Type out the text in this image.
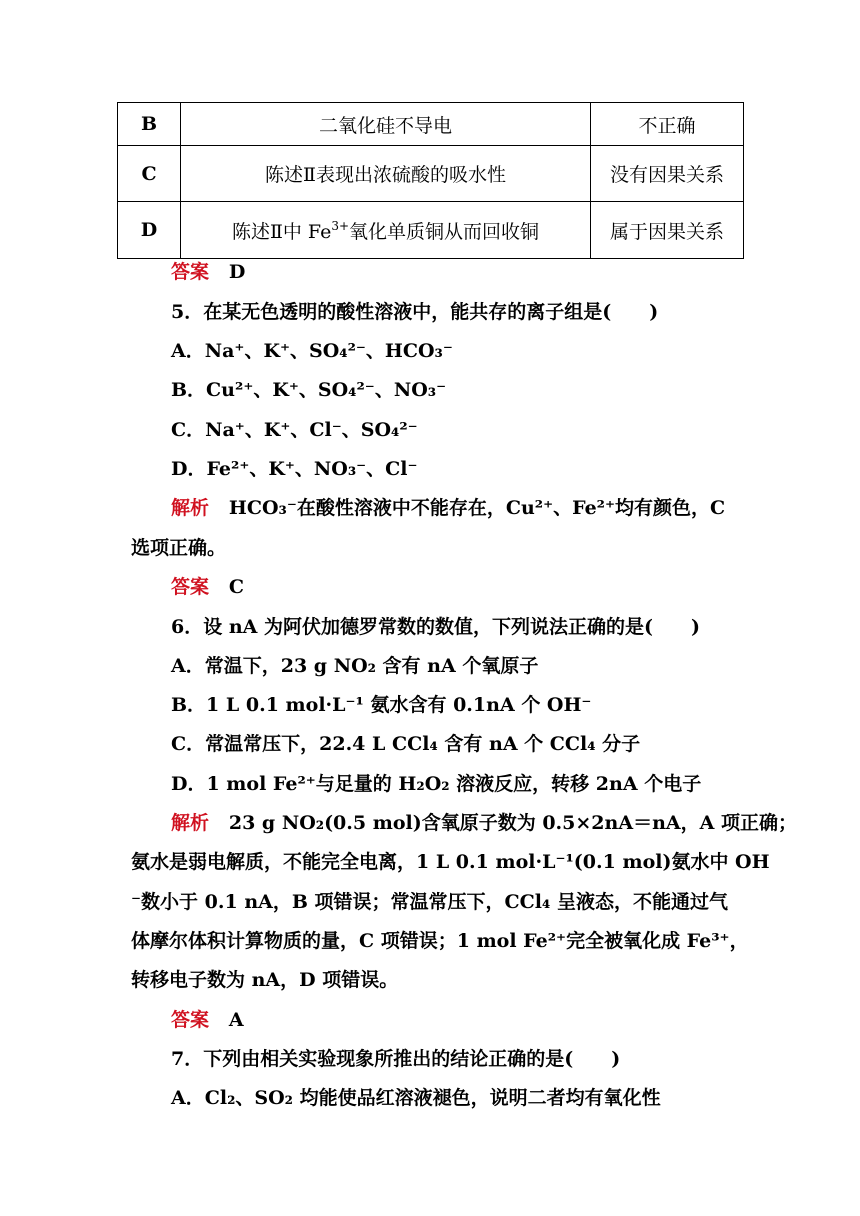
B	二氧化硅不导电	不正确
C	陈述Ⅱ表现出浓硫酸的吸水性	没有因果关系
D	陈述Ⅱ中 $Fe^{3+}$氧化单质铜从而回收铜	属于因果关系
答案 D
5．在某无色透明的酸性溶液中，能共存的离子组是(　　)
A．Na⁺、K⁺、SO₄²⁻、HCO₃⁻
B．Cu²⁺、K⁺、SO₄²⁻、NO₃⁻
C．Na⁺、K⁺、Cl⁻、SO₄²⁻
D．Fe²⁺、K⁺、NO₃⁻、Cl⁻
解析 HCO₃⁻在酸性溶液中不能存在，Cu²⁺、Fe²⁺均有颜色，C
选项正确。
答案 C
6．设 nA 为阿伏加德罗常数的数值，下列说法正确的是(　　)
A．常温下，23 g NO₂ 含有 nA 个氧原子
B．1 L 0.1 mol·L⁻¹ 氨水含有 0.1nA 个 OH⁻
C．常温常压下，22.4 L CCl₄ 含有 nA 个 CCl₄ 分子
D．1 mol Fe²⁺与足量的 H₂O₂ 溶液反应，转移 2nA 个电子
解析 23 g NO₂(0.5 mol)含氧原子数为 0.5×2nA＝nA，A 项正确；
氨水是弱电解质，不能完全电离，1 L 0.1 mol·L⁻¹(0.1 mol)氨水中 OH
⁻数小于 0.1 nA，B 项错误；常温常压下，CCl₄ 呈液态，不能通过气
体摩尔体积计算物质的量，C 项错误；1 mol Fe²⁺完全被氧化成 Fe³⁺，
转移电子数为 nA，D 项错误。
答案 A
7．下列由相关实验现象所推出的结论正确的是(　　)
A．Cl₂、SO₂ 均能使品红溶液褪色，说明二者均有氧化性
